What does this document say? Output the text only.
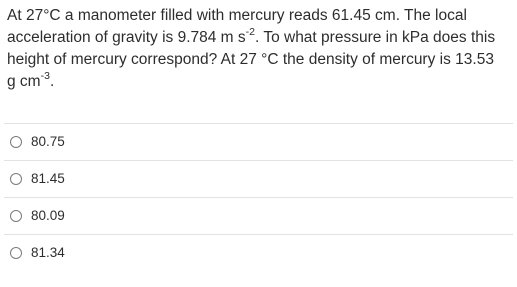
At 27°C a manometer filled with mercury reads 61.45 cm. The local
acceleration of gravity is 9.784 m $s^{-2}$. To what pressure in kPa does this
height of mercury correspond? At 27 °C the density of mercury is 13.53
g $cm^{-3}$.
80.75
81.45
80.09
81.34
